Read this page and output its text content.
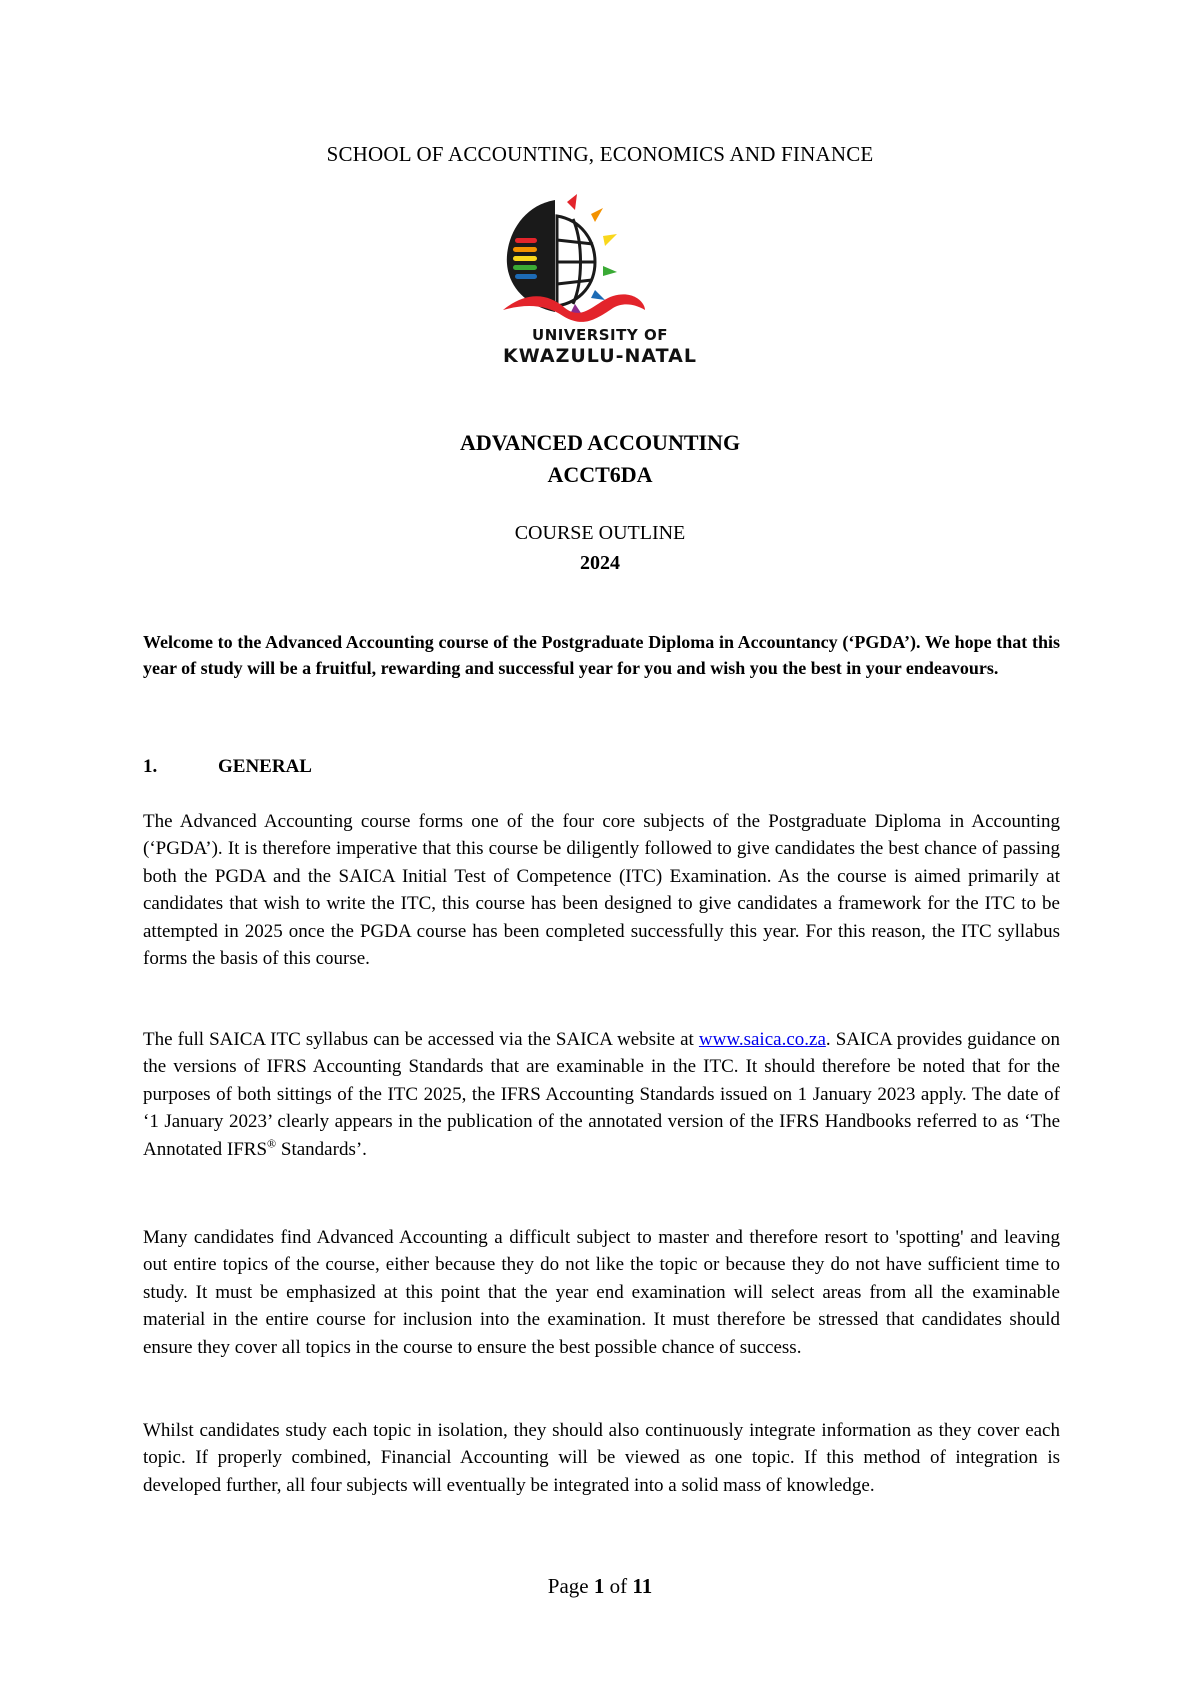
SCHOOL OF ACCOUNTING, ECONOMICS AND FINANCE
UNIVERSITY OF
KWAZULU-NATAL
ADVANCED ACCOUNTING
ACCT6DA
COURSE OUTLINE
2024
Welcome to the Advanced Accounting course of the Postgraduate Diploma in Accountancy (‘PGDA’). We hope that this year of study will be a fruitful, rewarding and successful year for you and wish you the best in your endeavours.
1.	GENERAL
The Advanced Accounting course forms one of the four core subjects of the Postgraduate Diploma in Accounting (‘PGDA’). It is therefore imperative that this course be diligently followed to give candidates the best chance of passing both the PGDA and the SAICA Initial Test of Competence (ITC) Examination. As the course is aimed primarily at candidates that wish to write the ITC, this course has been designed to give candidates a framework for the ITC to be attempted in 2025 once the PGDA course has been completed successfully this year. For this reason, the ITC syllabus forms the basis of this course.
The full SAICA ITC syllabus can be accessed via the SAICA website at www.saica.co.za. SAICA provides guidance on the versions of IFRS Accounting Standards that are examinable in the ITC. It should therefore be noted that for the purposes of both sittings of the ITC 2025, the IFRS Accounting Standards issued on 1 January 2023 apply. The date of ‘1 January 2023’ clearly appears in the publication of the annotated version of the IFRS Handbooks referred to as ‘The Annotated IFRS® Standards’.
Many candidates find Advanced Accounting a difficult subject to master and therefore resort to 'spotting' and leaving out entire topics of the course, either because they do not like the topic or because they do not have sufficient time to study. It must be emphasized at this point that the year end examination will select areas from all the examinable material in the entire course for inclusion into the examination. It must therefore be stressed that candidates should ensure they cover all topics in the course to ensure the best possible chance of success.
Whilst candidates study each topic in isolation, they should also continuously integrate information as they cover each topic. If properly combined, Financial Accounting will be viewed as one topic. If this method of integration is developed further, all four subjects will eventually be integrated into a solid mass of knowledge.
Page 1 of 11
